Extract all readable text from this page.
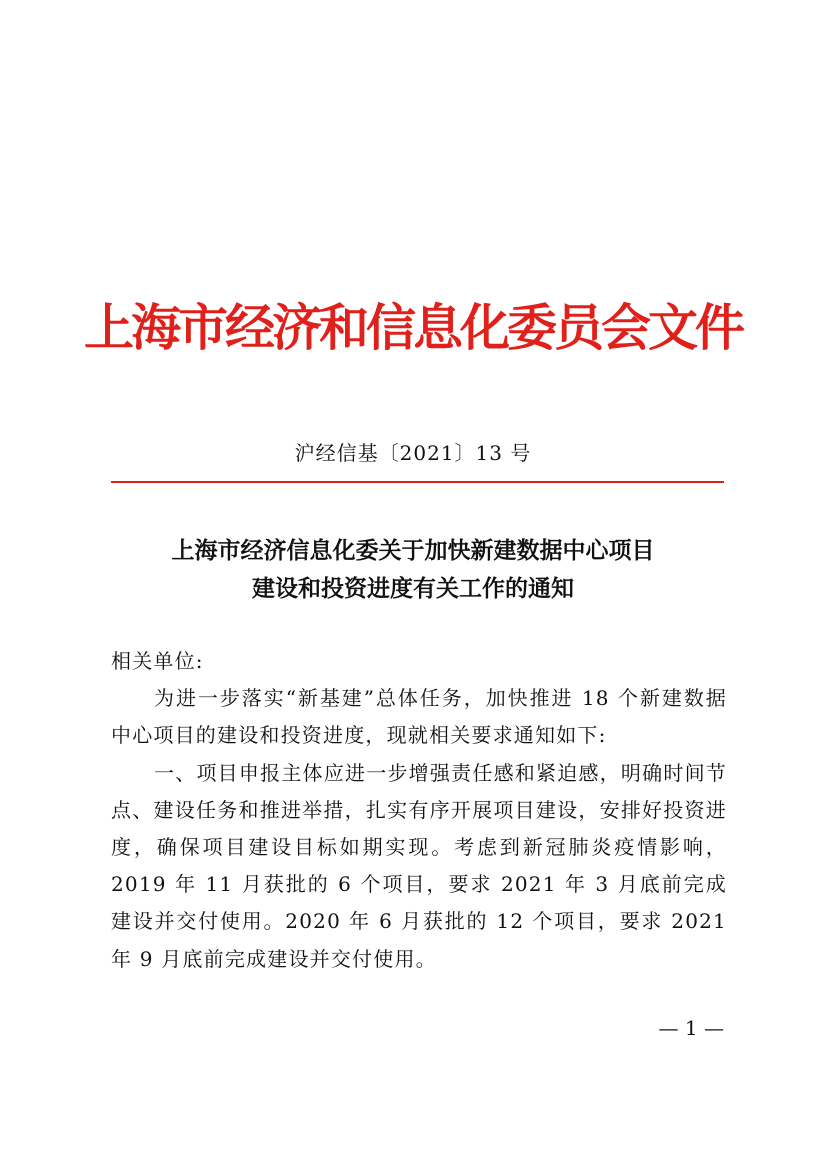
上海市经济和信息化委员会文件
沪经信基〔2021〕13 号
上海市经济信息化委关于加快新建数据中心项目
建设和投资进度有关工作的通知

相关单位:

为进一步落实“新基建”总体任务，加快推进 18 个新建数据中心项目的建设和投资进度，现就相关要求通知如下:

一、项目申报主体应进一步增强责任感和紧迫感，明确时间节点、建设任务和推进举措，扎实有序开展项目建设，安排好投资进度，确保项目建设目标如期实现。考虑到新冠肺炎疫情影响，2019 年 11 月获批的 6 个项目，要求 2021 年 3 月底前完成建设并交付使用。2020 年 6 月获批的 12 个项目，要求 2021 年 9 月底前完成建设并交付使用。

— 1 —
